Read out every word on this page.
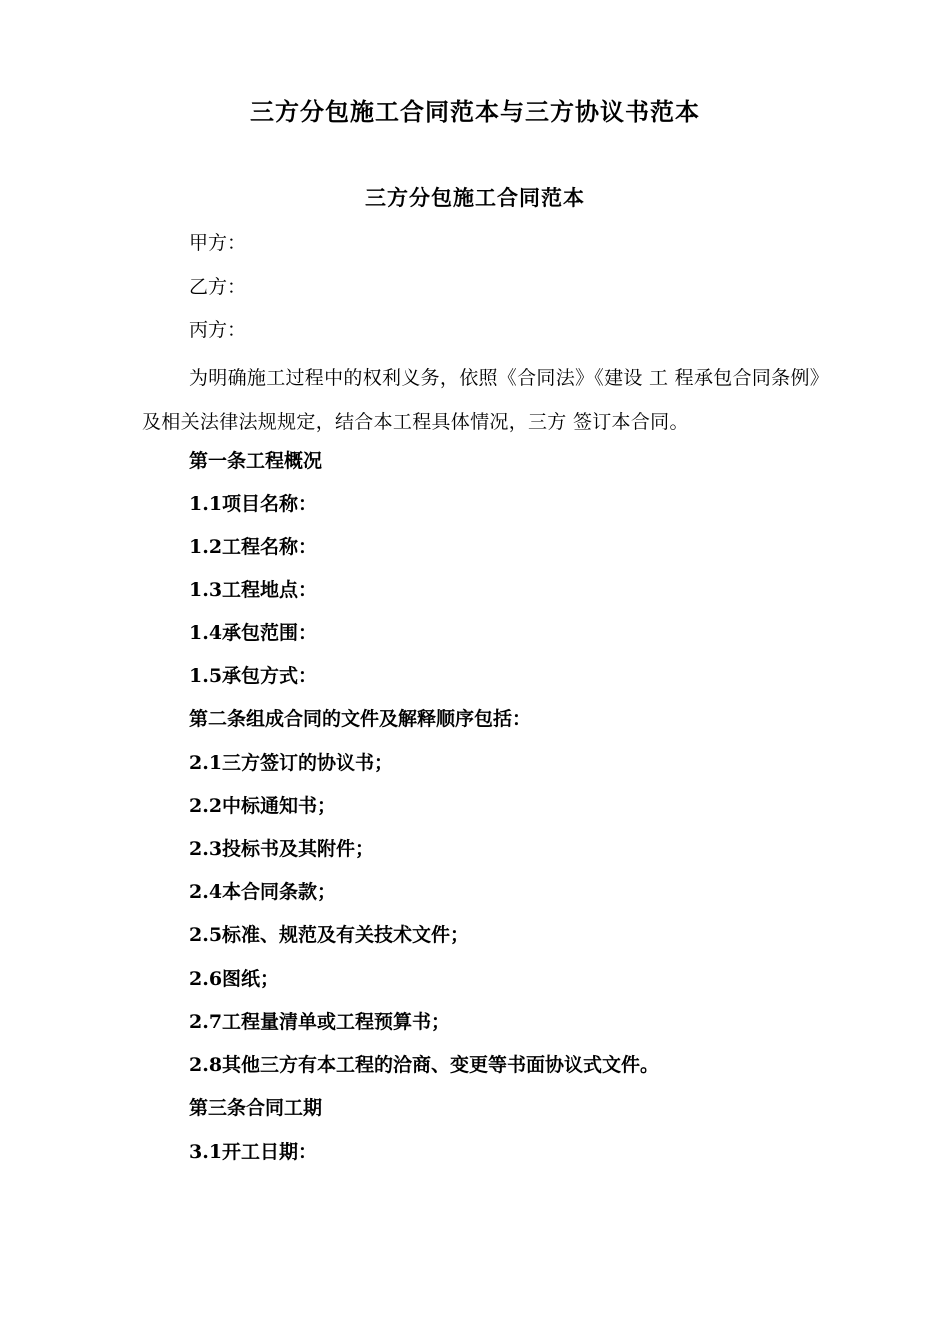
三方分包施工合同范本与三方协议书范本
三方分包施工合同范本
甲方：
乙方：
丙方：
为明确施工过程中的权利义务，依照《合同法》《建设 工 程承包合同条例》及相关法律法规规定，结合本工程具体情况，三方 签订本合同。
第一条工程概况
1.1项目名称：
1.2工程名称：
1.3工程地点：
1.4承包范围：
1.5承包方式：
第二条组成合同的文件及解释顺序包括：
2.1三方签订的协议书；
2.2中标通知书；
2.3投标书及其附件；
2.4本合同条款；
2.5标准、规范及有关技术文件；
2.6图纸；
2.7工程量清单或工程预算书；
2.8其他三方有本工程的洽商、变更等书面协议式文件。
第三条合同工期
3.1开工日期：
